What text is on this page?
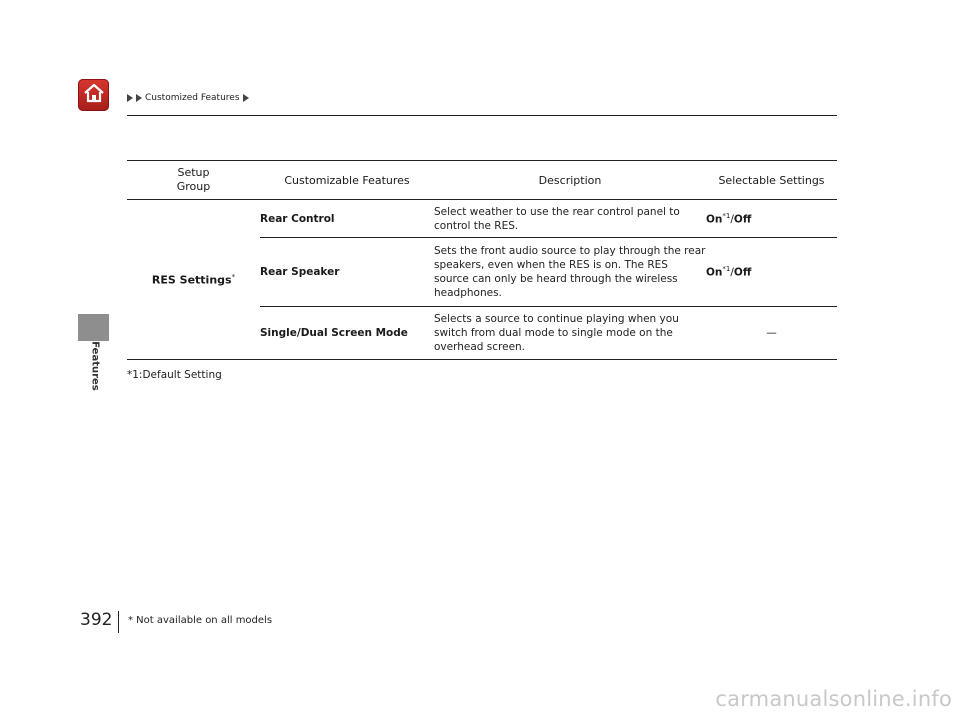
Features
Customized Features
Setup
Group	Customizable Features	Description	Selectable Settings
RES Settings*	Rear Control	Select weather to use the rear control panel to control the RES.	On$^{*1}$/Off
	Rear Speaker	Sets the front audio source to play through the rear speakers, even when the RES is on. The RES source can only be heard through the wireless headphones.	On$^{*1}$/Off
	Single/Dual Screen Mode	Selects a source to continue playing when you switch from dual mode to single mode on the overhead screen.	—
*1:Default Setting
392 * Not available on all models
carmanualsonline.info
